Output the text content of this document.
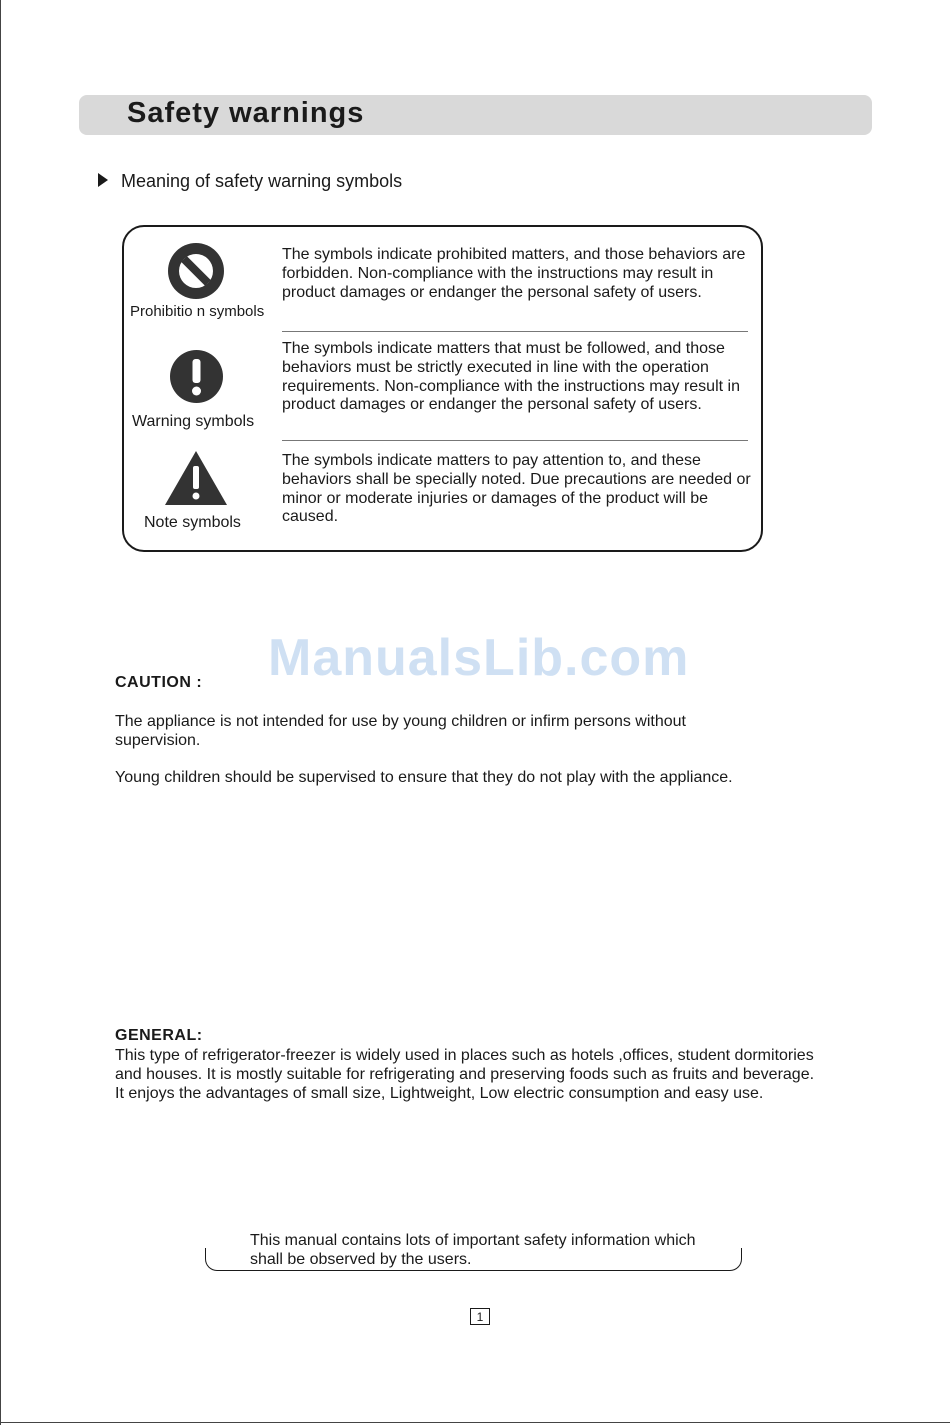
Safety warnings
Meaning of safety warning symbols
Prohibitio n symbols
The symbols indicate prohibited matters, and those behaviors are forbidden. Non-compliance with the instructions may result in product damages or endanger the personal safety of users.
Warning symbols
The symbols indicate matters that must be followed, and those behaviors must be strictly executed in line with the operation requirements. Non-compliance with the instructions may result in product damages or endanger the personal safety of users.
Note symbols
The symbols indicate matters to pay attention to, and these behaviors shall be specially noted. Due precautions are needed or minor or moderate injuries or damages of the product will be caused.
ManualsLib.com
CAUTION :
The appliance is not intended for use by young children or infirm persons without supervision.
Young children should be supervised to ensure that they do not play with the appliance.
GENERAL:
This type of refrigerator-freezer is widely used in places such as hotels ,offices, student dormitories and houses. It is mostly suitable for refrigerating and preserving foods such as fruits and beverage. It enjoys the advantages of small size, Lightweight, Low electric consumption and easy use.
This manual contains lots of important safety information which shall be observed by the users.
1
